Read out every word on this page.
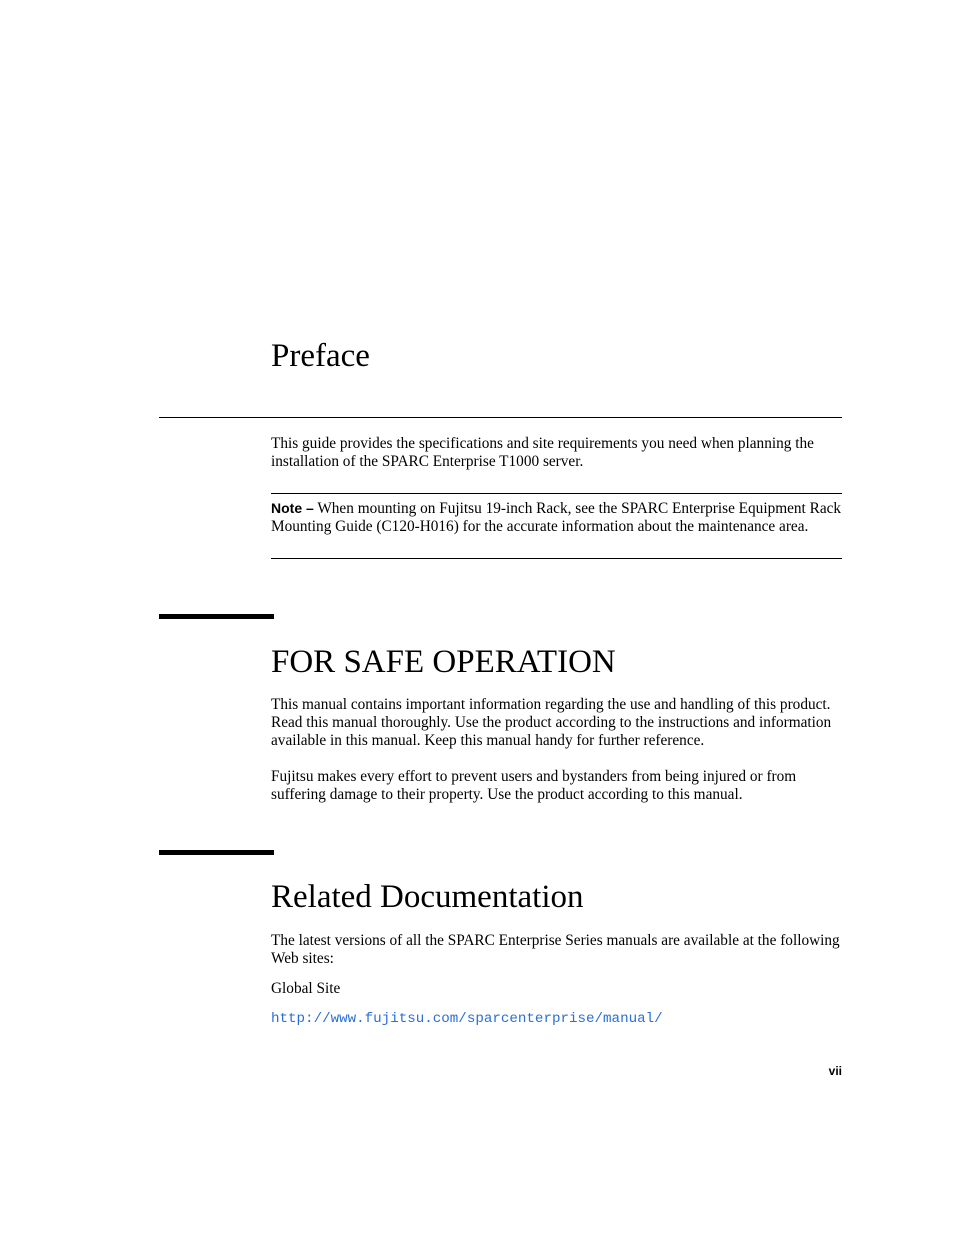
Preface

This guide provides the specifications and site requirements you need when planning the installation of the SPARC Enterprise T1000 server.

Note – When mounting on Fujitsu 19-inch Rack, see the SPARC Enterprise Equipment Rack Mounting Guide (C120-H016) for the accurate information about the maintenance area.

FOR SAFE OPERATION

This manual contains important information regarding the use and handling of this product. Read this manual thoroughly. Use the product according to the instructions and information available in this manual. Keep this manual handy for further reference.

Fujitsu makes every effort to prevent users and bystanders from being injured or from suffering damage to their property. Use the product according to this manual.

Related Documentation

The latest versions of all the SPARC Enterprise Series manuals are available at the following Web sites:

Global Site

http://www.fujitsu.com/sparcenterprise/manual/
vii
